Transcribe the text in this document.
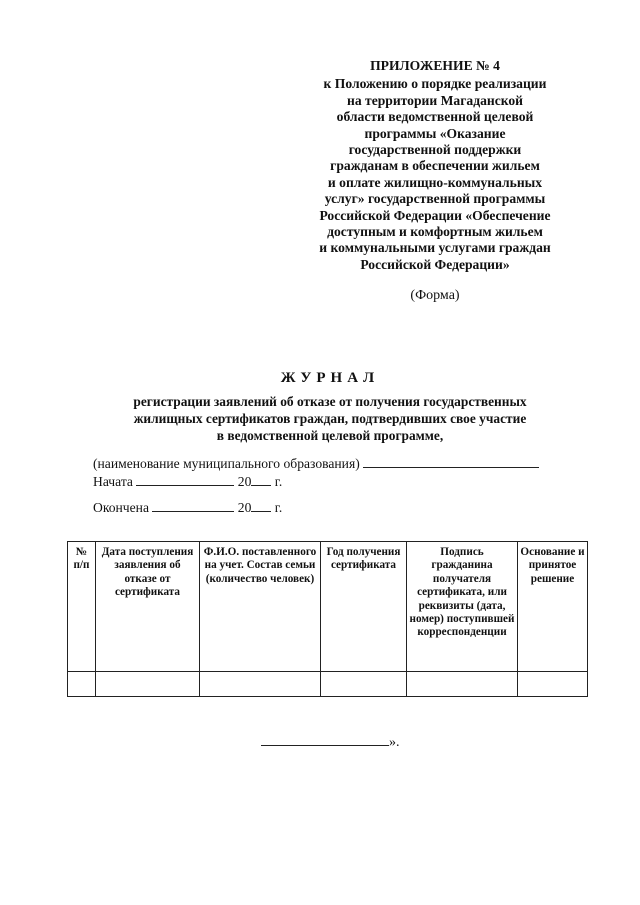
ПРИЛОЖЕНИЕ № 4
к Положению о порядке реализации
на территории Магаданской
области ведомственной целевой
программы «Оказание
государственной поддержки
гражданам в обеспечении жильем
и оплате жилищно-коммунальных
услуг» государственной программы
Российской Федерации «Обеспечение
доступным и комфортным жильем
и коммунальными услугами граждан
Российской Федерации»
(Форма)
ЖУРНАЛ
регистрации заявлений об отказе от получения государственных
жилищных сертификатов граждан, подтвердивших свое участие
в ведомственной целевой программе,
(наименование муниципального образования)
Начата	20 г.
Окончена	20 г.
№ п/п	Дата поступления заявления об отказе от сертификата	Ф.И.О. поставленного на учет. Состав семьи (количество человек)	Год получения сертификата	Подпись гражданина получателя сертификата, или реквизиты (дата, номер) поступившей корреспонденции	Основание и принятое решение

».
